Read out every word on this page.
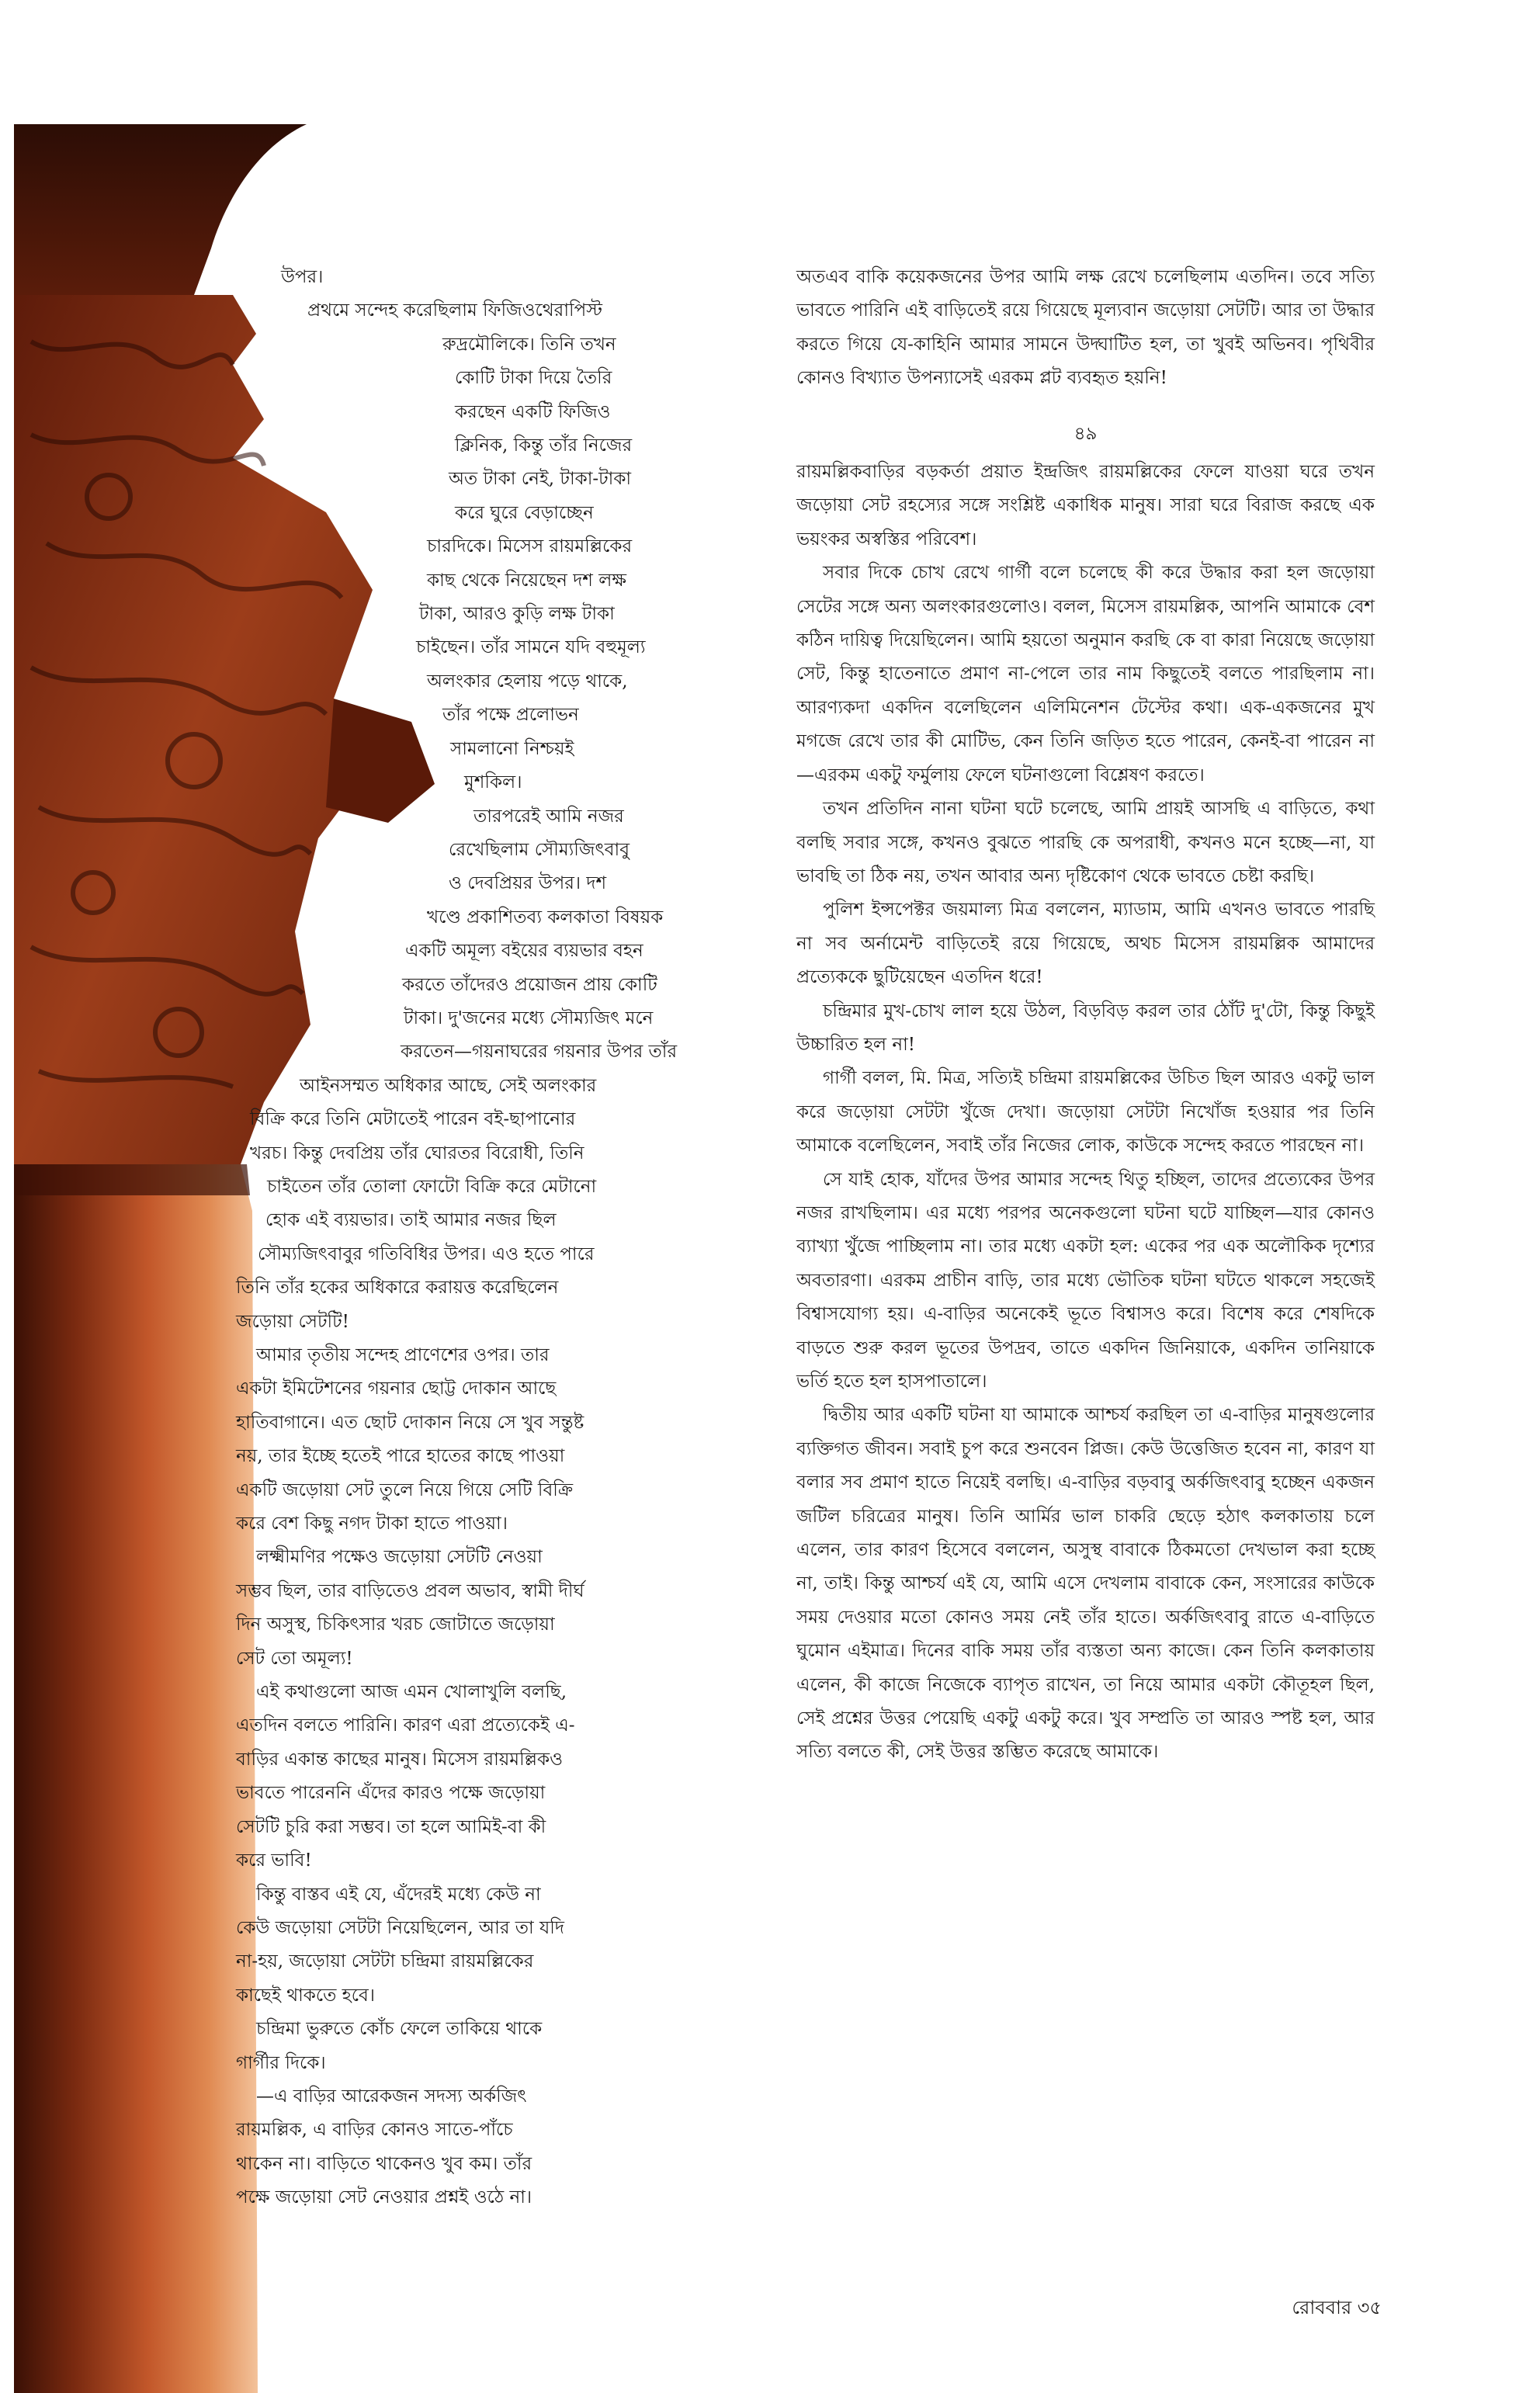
উপর।
প্রথমে সন্দেহ করেছিলাম ফিজিওথেরাপিস্ট
রুদ্রমৌলিকে। তিনি তখন
কোটি টাকা দিয়ে তৈরি
করছেন একটি ফিজিও
ক্লিনিক, কিন্তু তাঁর নিজের
অত টাকা নেই, টাকা-টাকা
করে ঘুরে বেড়াচ্ছেন
চারদিকে। মিসেস রায়মল্লিকের
কাছ থেকে নিয়েছেন দশ লক্ষ
টাকা, আরও কুড়ি লক্ষ টাকা
চাইছেন। তাঁর সামনে যদি বহুমূল্য
অলংকার হেলায় পড়ে থাকে,
তাঁর পক্ষে প্রলোভন
সামলানো নিশ্চয়ই
মুশকিল।
তারপরেই আমি নজর
রেখেছিলাম সৌম্যজিৎবাবু
ও দেবপ্রিয়র উপর। দশ
খণ্ডে প্রকাশিতব্য কলকাতা বিষয়ক
একটি অমূল্য বইয়ের ব্যয়ভার বহন
করতে তাঁদেরও প্রয়োজন প্রায় কোটি
টাকা। দু'জনের মধ্যে সৌম্যজিৎ মনে
করতেন—গয়নাঘরের গয়নার উপর তাঁর
আইনসম্মত অধিকার আছে, সেই অলংকার
বিক্রি করে তিনি মেটাতেই পারেন বই-ছাপানোর
খরচ। কিন্তু দেবপ্রিয় তাঁর ঘোরতর বিরোধী, তিনি
চাইতেন তাঁর তোলা ফোটো বিক্রি করে মেটানো
হোক এই ব্যয়ভার। তাই আমার নজর ছিল
সৌম্যজিৎবাবুর গতিবিধির উপর। এও হতে পারে
তিনি তাঁর হকের অধিকারে করায়ত্ত করেছিলেন
জড়োয়া সেটটি!
আমার তৃতীয় সন্দেহ প্রাণেশের ওপর। তার
একটা ইমিটেশনের গয়নার ছোট্ট দোকান আছে
হাতিবাগানে। এত ছোট দোকান নিয়ে সে খুব সন্তুষ্ট
নয়, তার ইচ্ছে হতেই পারে হাতের কাছে পাওয়া
একটি জড়োয়া সেট তুলে নিয়ে গিয়ে সেটি বিক্রি
করে বেশ কিছু নগদ টাকা হাতে পাওয়া।
লক্ষ্মীমণির পক্ষেও জড়োয়া সেটটি নেওয়া
সম্ভব ছিল, তার বাড়িতেও প্রবল অভাব, স্বামী দীর্ঘ
দিন অসুস্থ, চিকিৎসার খরচ জোটাতে জড়োয়া
সেট তো অমূল্য!
এই কথাগুলো আজ এমন খোলাখুলি বলছি,
এতদিন বলতে পারিনি। কারণ এরা প্রত্যেকেই এ-
বাড়ির একান্ত কাছের মানুষ। মিসেস রায়মল্লিকও
ভাবতে পারেননি এঁদের কারও পক্ষে জড়োয়া
সেটটি চুরি করা সম্ভব। তা হলে আমিই-বা কী
করে ভাবি!
কিন্তু বাস্তব এই যে, এঁদেরই মধ্যে কেউ না
কেউ জড়োয়া সেটটা নিয়েছিলেন, আর তা যদি
না-হয়, জড়োয়া সেটটা চন্দ্রিমা রায়মল্লিকের
কাছেই থাকতে হবে।
চন্দ্রিমা ভুরুতে কোঁচ ফেলে তাকিয়ে থাকে
গার্গীর দিকে।
—এ বাড়ির আরেকজন সদস্য অর্কজিৎ
রায়মল্লিক, এ বাড়ির কোনও সাতে-পাঁচে
থাকেন না। বাড়িতে থাকেনও খুব কম। তাঁর
পক্ষে জড়োয়া সেট নেওয়ার প্রশ্নই ওঠে না।

অতএব বাকি কয়েকজনের উপর আমি লক্ষ রেখে চলেছিলাম এতদিন। তবে সত্যি ভাবতে পারিনি এই বাড়িতেই রয়ে গিয়েছে মূল্যবান জড়োয়া সেটটি। আর তা উদ্ধার করতে গিয়ে যে-কাহিনি আমার সামনে উদ্ঘাটিত হল, তা খুবই অভিনব। পৃথিবীর কোনও বিখ্যাত উপন্যাসেই এরকম প্লট ব্যবহৃত হয়নি!

৪৯

রায়মল্লিকবাড়ির বড়কর্তা প্রয়াত ইন্দ্রজিৎ রায়মল্লিকের ফেলে যাওয়া ঘরে তখন জড়োয়া সেট রহস্যের সঙ্গে সংশ্লিষ্ট একাধিক মানুষ। সারা ঘরে বিরাজ করছে এক ভয়ংকর অস্বস্তির পরিবেশ।

সবার দিকে চোখ রেখে গার্গী বলে চলেছে কী করে উদ্ধার করা হল জড়োয়া সেটের সঙ্গে অন্য অলংকারগুলোও। বলল, মিসেস রায়মল্লিক, আপনি আমাকে বেশ কঠিন দায়িত্ব দিয়েছিলেন। আমি হয়তো অনুমান করছি কে বা কারা নিয়েছে জড়োয়া সেট, কিন্তু হাতেনাতে প্রমাণ না-পেলে তার নাম কিছুতেই বলতে পারছিলাম না। আরণ্যকদা একদিন বলেছিলেন এলিমিনেশন টেস্টের কথা। এক-একজনের মুখ মগজে রেখে তার কী মোটিভ, কেন তিনি জড়িত হতে পারেন, কেনই-বা পারেন না—এরকম একটু ফর্মুলায় ফেলে ঘটনাগুলো বিশ্লেষণ করতে।

তখন প্রতিদিন নানা ঘটনা ঘটে চলেছে, আমি প্রায়ই আসছি এ বাড়িতে, কথা বলছি সবার সঙ্গে, কখনও বুঝতে পারছি কে অপরাধী, কখনও মনে হচ্ছে—না, যা ভাবছি তা ঠিক নয়, তখন আবার অন্য দৃষ্টিকোণ থেকে ভাবতে চেষ্টা করছি।

পুলিশ ইন্সপেক্টর জয়মাল্য মিত্র বললেন, ম্যাডাম, আমি এখনও ভাবতে পারছি না সব অর্নামেন্ট বাড়িতেই রয়ে গিয়েছে, অথচ মিসেস রায়মল্লিক আমাদের প্রত্যেককে ছুটিয়েছেন এতদিন ধরে!

চন্দ্রিমার মুখ-চোখ লাল হয়ে উঠল, বিড়বিড় করল তার ঠোঁট দু'টো, কিন্তু কিছুই উচ্চারিত হল না!

গার্গী বলল, মি. মিত্র, সত্যিই চন্দ্রিমা রায়মল্লিকের উচিত ছিল আরও একটু ভাল করে জড়োয়া সেটটা খুঁজে দেখা। জড়োয়া সেটটা নিখোঁজ হওয়ার পর তিনি আমাকে বলেছিলেন, সবাই তাঁর নিজের লোক, কাউকে সন্দেহ করতে পারছেন না।

সে যাই হোক, যাঁদের উপর আমার সন্দেহ থিতু হচ্ছিল, তাদের প্রত্যেকের উপর নজর রাখছিলাম। এর মধ্যে পরপর অনেকগুলো ঘটনা ঘটে যাচ্ছিল—যার কোনও ব্যাখ্যা খুঁজে পাচ্ছিলাম না। তার মধ্যে একটা হল: একের পর এক অলৌকিক দৃশ্যের অবতারণা। এরকম প্রাচীন বাড়ি, তার মধ্যে ভৌতিক ঘটনা ঘটতে থাকলে সহজেই বিশ্বাসযোগ্য হয়। এ-বাড়ির অনেকেই ভূতে বিশ্বাসও করে। বিশেষ করে শেষদিকে বাড়তে শুরু করল ভূতের উপদ্রব, তাতে একদিন জিনিয়াকে, একদিন তানিয়াকে ভর্তি হতে হল হাসপাতালে।

দ্বিতীয় আর একটি ঘটনা যা আমাকে আশ্চর্য করছিল তা এ-বাড়ির মানুষগুলোর ব্যক্তিগত জীবন। সবাই চুপ করে শুনবেন প্লিজ। কেউ উত্তেজিত হবেন না, কারণ যা বলার সব প্রমাণ হাতে নিয়েই বলছি। এ-বাড়ির বড়বাবু অর্কজিৎবাবু হচ্ছেন একজন জটিল চরিত্রের মানুষ। তিনি আর্মির ভাল চাকরি ছেড়ে হঠাৎ কলকাতায় চলে এলেন, তার কারণ হিসেবে বললেন, অসুস্থ বাবাকে ঠিকমতো দেখভাল করা হচ্ছে না, তাই। কিন্তু আশ্চর্য এই যে, আমি এসে দেখলাম বাবাকে কেন, সংসারের কাউকে সময় দেওয়ার মতো কোনও সময় নেই তাঁর হাতে। অর্কজিৎবাবু রাতে এ-বাড়িতে ঘুমোন এইমাত্র। দিনের বাকি সময় তাঁর ব্যস্ততা অন্য কাজে। কেন তিনি কলকাতায় এলেন, কী কাজে নিজেকে ব্যাপৃত রাখেন, তা নিয়ে আমার একটা কৌতূহল ছিল, সেই প্রশ্নের উত্তর পেয়েছি একটু একটু করে। খুব সম্প্রতি তা আরও স্পষ্ট হল, আর সত্যি বলতে কী, সেই উত্তর স্তম্ভিত করেছে আমাকে।

রোববার ৩৫
